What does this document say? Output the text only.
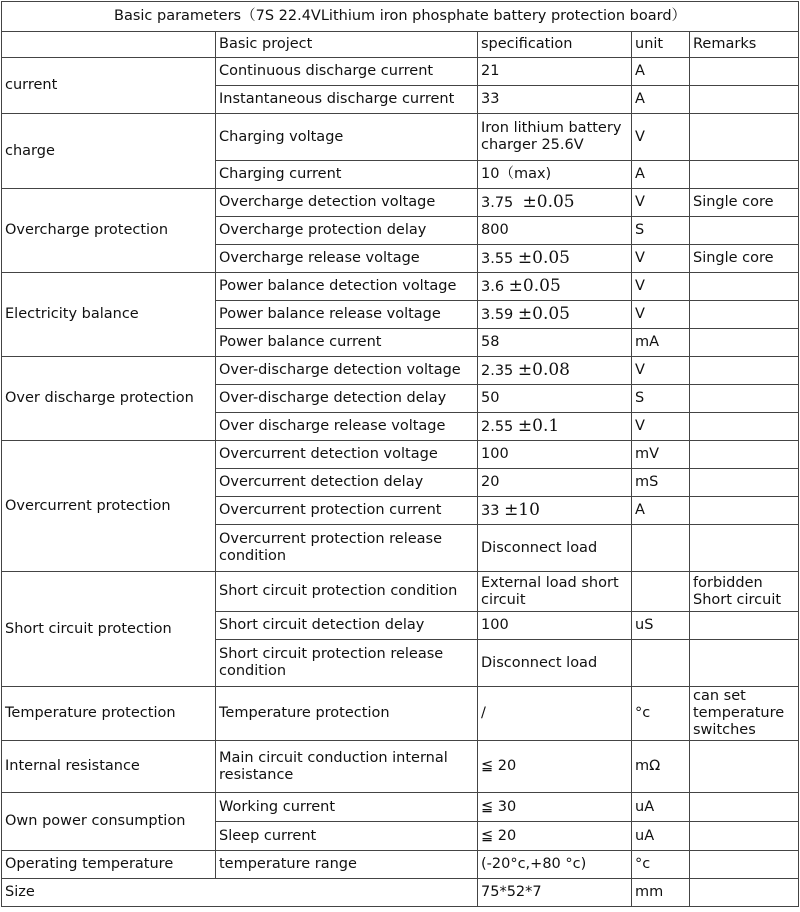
Basic parameters（7S 22.4VLithium iron phosphate battery protection board）				
	Basic project	specification	unit	Remarks
current	Continuous discharge current	21	A	
	Instantaneous discharge current	33	A	
charge	Charging voltage	Iron lithium battery charger 25.6V	V	
	Charging current	10（max)	A	
Overcharge protection	Overcharge detection voltage	3.75 ±0.05	V	Single core
	Overcharge protection delay	800	S	
	Overcharge release voltage	3.55 ±0.05	V	Single core
Electricity balance	Power balance detection voltage	3.6 ±0.05	V	
	Power balance release voltage	3.59 ±0.05	V	
	Power balance current	58	mA	
Over discharge protection	Over-discharge detection voltage	2.35 ±0.08	V	
	Over-discharge detection delay	50	S	
	Over discharge release voltage	2.55 ±0.1	V	
Overcurrent protection	Overcurrent detection voltage	100	mV	
	Overcurrent detection delay	20	mS	
	Overcurrent protection current	33 ±10	A	
	Overcurrent protection release condition	Disconnect load		
Short circuit protection	Short circuit protection condition	External load short circuit		forbidden Short circuit
	Short circuit detection delay	100	uS	
	Short circuit protection release condition	Disconnect load		
Temperature protection	Temperature protection	/	°c	can set temperature switches
Internal resistance	Main circuit conduction internal resistance	≦ 20	mΩ	
Own power consumption	Working current	≦ 30	uA	
	Sleep current	≦ 20	uA	
Operating temperature	temperature range	(-20°c,+80 °c)	°c	
Size		75*52*7	mm	
